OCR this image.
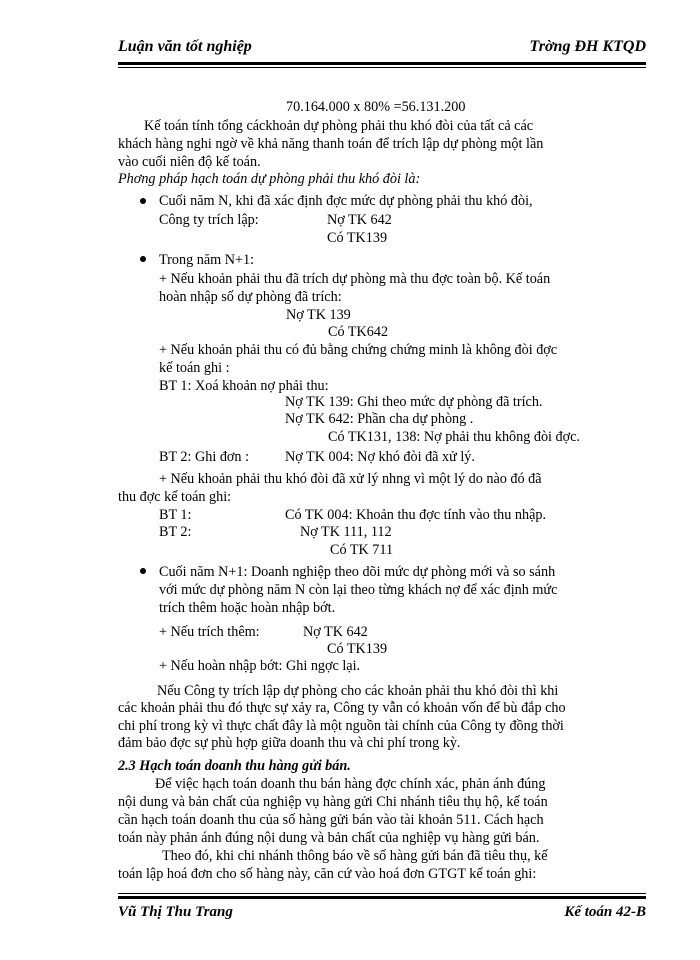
Luận văn tốt nghiệp	Trờng ĐH KTQD
70.164.000 x 80% =56.131.200
Kế toán tính tổng cáckhoản dự phòng phải thu khó đòi của tất cả các
khách hàng nghi ngờ về khả năng thanh toán để trích lập dự phòng một lần
vào cuối niên độ kế toán.
Phơng pháp hạch toán dự phòng phải thu khó đòi là:
Cuối năm N, khi đã xác định đợc mức dự phòng phải thu khó đòi,
Công ty trích lập:	Nợ TK 642
Có TK139
Trong năm N+1:
+ Nếu khoản phải thu đã trích dự phòng mà thu đợc toàn bộ. Kế toán
hoàn nhập số dự phòng đã trích:
Nợ TK 139
Có TK642
+ Nếu khoản phải thu có đủ bằng chứng chứng minh là không đòi đợc
kế toán ghi :
BT 1: Xoá khoản nợ phải thu:
Nợ TK 139: Ghi theo mức dự phòng đã trích.
Nợ TK 642: Phần cha dự phòng .
Có TK131, 138: Nợ phải thu không đòi đợc.
BT 2: Ghi đơn :	Nợ TK 004: Nợ khó đòi đã xử lý.
+ Nếu khoản phải thu khó đòi đã xử lý nhng vì một lý do nào đó đã
thu đợc kế toán ghi:
BT 1:	Có TK 004: Khoản thu đợc tính vào thu nhập.
BT 2:	Nợ TK 111, 112
Có TK 711
Cuối năm N+1: Doanh nghiệp theo dõi mức dự phòng mới và so sánh
với mức dự phòng năm N còn lại theo từng khách nợ để xác định mức
trích thêm hoặc hoàn nhập bớt.
+ Nếu trích thêm:	Nợ TK 642
Có TK139
+ Nếu hoàn nhập bớt: Ghi ngợc lại.
Nếu Công ty trích lập dự phòng cho các khoản phải thu khó đòi thì khi
các khoản phải thu đó thực sự xảy ra, Công ty vẫn có khoản vốn để bù đắp cho
chi phí trong kỳ vì thực chất đây là một nguồn tài chính của Công ty đồng thời
đảm bảo đợc sự phù hợp giữa doanh thu và chi phí trong kỳ.
2.3 Hạch toán doanh thu hàng gửi bán.
Để việc hạch toán doanh thu bán hàng đợc chính xác, phản ánh đúng
nội dung và bản chất của nghiệp vụ hàng gửi Chi nhánh tiêu thụ hộ, kế toán
cần hạch toán doanh thu của số hàng gửi bán vào tài khoản 511. Cách hạch
toán này phản ánh đúng nội dung và bản chất của nghiệp vụ hàng gửi bán.
Theo đó, khi chi nhánh thông báo về số hàng gửi bán đã tiêu thụ, kế
toán lập hoá đơn cho số hàng này, căn cứ vào hoá đơn GTGT kế toán ghi:
Vũ Thị Thu Trang	Kế toán 42-B
